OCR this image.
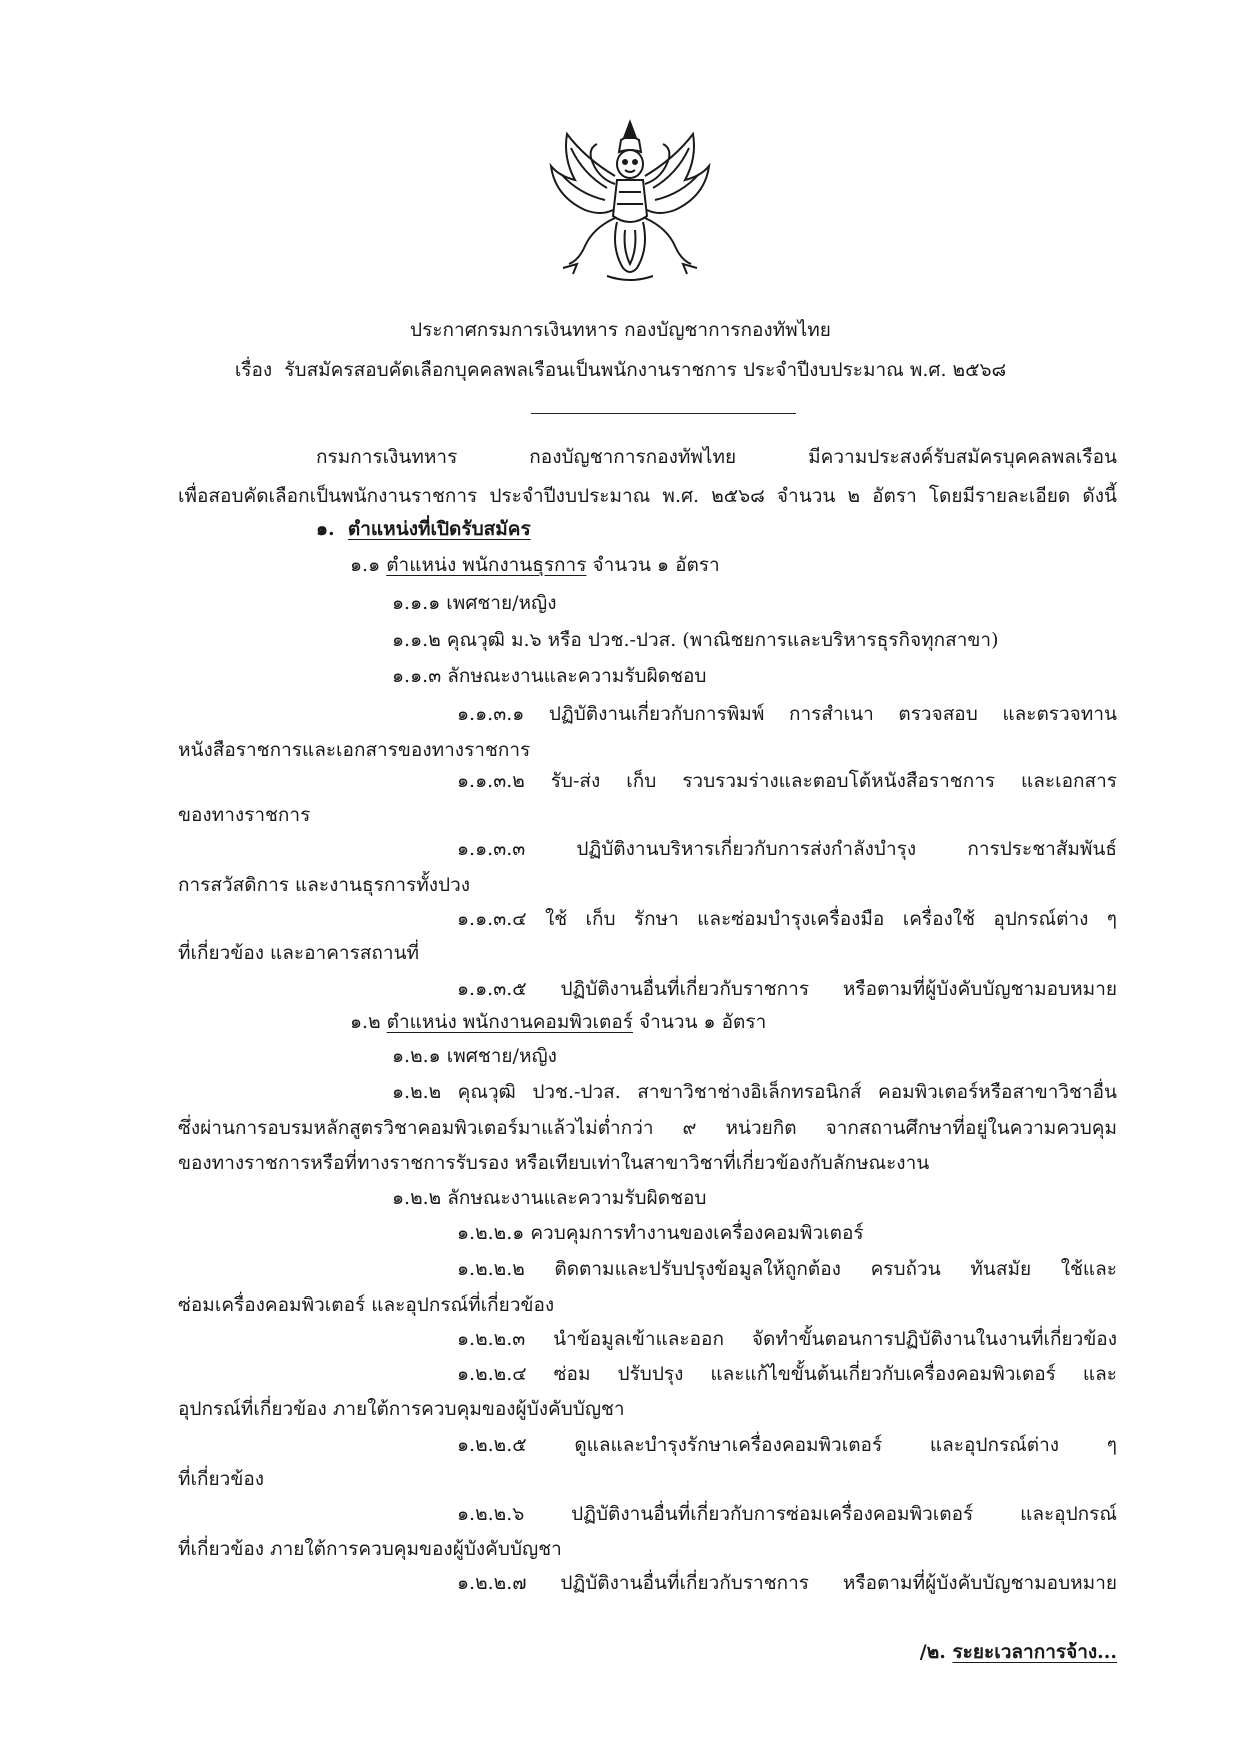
ประกาศกรมการเงินทหาร กองบัญชาการกองทัพไทย
เรื่อง รับสมัครสอบคัดเลือกบุคคลพลเรือนเป็นพนักงานราชการ ประจำปีงบประมาณ พ.ศ. ๒๕๖๘
กรมการเงินทหาร กองบัญชาการกองทัพไทย มีความประสงค์รับสมัครบุคคลพลเรือน
เพื่อสอบคัดเลือกเป็นพนักงานราชการ ประจำปีงบประมาณ พ.ศ. ๒๕๖๘ จำนวน ๒ อัตรา โดยมีรายละเอียด ดังนี้
๑. ตำแหน่งที่เปิดรับสมัคร
๑.๑ ตำแหน่ง พนักงานธุรการ จำนวน ๑ อัตรา
๑.๑.๑ เพศชาย/หญิง
๑.๑.๒ คุณวุฒิ ม.๖ หรือ ปวช.-ปวส. (พาณิชยการและบริหารธุรกิจทุกสาขา)
๑.๑.๓ ลักษณะงานและความรับผิดชอบ
๑.๑.๓.๑ ปฏิบัติงานเกี่ยวกับการพิมพ์ การสำเนา ตรวจสอบ และตรวจทาน
หนังสือราชการและเอกสารของทางราชการ
๑.๑.๓.๒ รับ-ส่ง เก็บ รวบรวมร่างและตอบโต้หนังสือราชการ และเอกสาร
ของทางราชการ
๑.๑.๓.๓ ปฏิบัติงานบริหารเกี่ยวกับการส่งกำลังบำรุง การประชาสัมพันธ์
การสวัสดิการ และงานธุรการทั้งปวง
๑.๑.๓.๔ ใช้ เก็บ รักษา และซ่อมบำรุงเครื่องมือ เครื่องใช้ อุปกรณ์ต่าง ๆ
ที่เกี่ยวข้อง และอาคารสถานที่
๑.๑.๓.๕ ปฏิบัติงานอื่นที่เกี่ยวกับราชการ หรือตามที่ผู้บังคับบัญชามอบหมาย
๑.๒ ตำแหน่ง พนักงานคอมพิวเตอร์ จำนวน ๑ อัตรา
๑.๒.๑ เพศชาย/หญิง
๑.๒.๒ คุณวุฒิ ปวช.-ปวส. สาขาวิชาช่างอิเล็กทรอนิกส์ คอมพิวเตอร์หรือสาขาวิชาอื่น
ซึ่งผ่านการอบรมหลักสูตรวิชาคอมพิวเตอร์มาแล้วไม่ต่ำกว่า ๙ หน่วยกิต จากสถานศึกษาที่อยู่ในความควบคุม
ของทางราชการหรือที่ทางราชการรับรอง หรือเทียบเท่าในสาขาวิชาที่เกี่ยวข้องกับลักษณะงาน
๑.๒.๒ ลักษณะงานและความรับผิดชอบ
๑.๒.๒.๑ ควบคุมการทำงานของเครื่องคอมพิวเตอร์
๑.๒.๒.๒ ติดตามและปรับปรุงข้อมูลให้ถูกต้อง ครบถ้วน ทันสมัย ใช้และ
ซ่อมเครื่องคอมพิวเตอร์ และอุปกรณ์ที่เกี่ยวข้อง
๑.๒.๒.๓ นำข้อมูลเข้าและออก จัดทำขั้นตอนการปฏิบัติงานในงานที่เกี่ยวข้อง
๑.๒.๒.๔ ซ่อม ปรับปรุง และแก้ไขขั้นต้นเกี่ยวกับเครื่องคอมพิวเตอร์ และ
อุปกรณ์ที่เกี่ยวข้อง ภายใต้การควบคุมของผู้บังคับบัญชา
๑.๒.๒.๕ ดูแลและบำรุงรักษาเครื่องคอมพิวเตอร์ และอุปกรณ์ต่าง ๆ
ที่เกี่ยวข้อง
๑.๒.๒.๖ ปฏิบัติงานอื่นที่เกี่ยวกับการซ่อมเครื่องคอมพิวเตอร์ และอุปกรณ์
ที่เกี่ยวข้อง ภายใต้การควบคุมของผู้บังคับบัญชา
๑.๒.๒.๗ ปฏิบัติงานอื่นที่เกี่ยวกับราชการ หรือตามที่ผู้บังคับบัญชามอบหมาย
/๒. ระยะเวลาการจ้าง...
